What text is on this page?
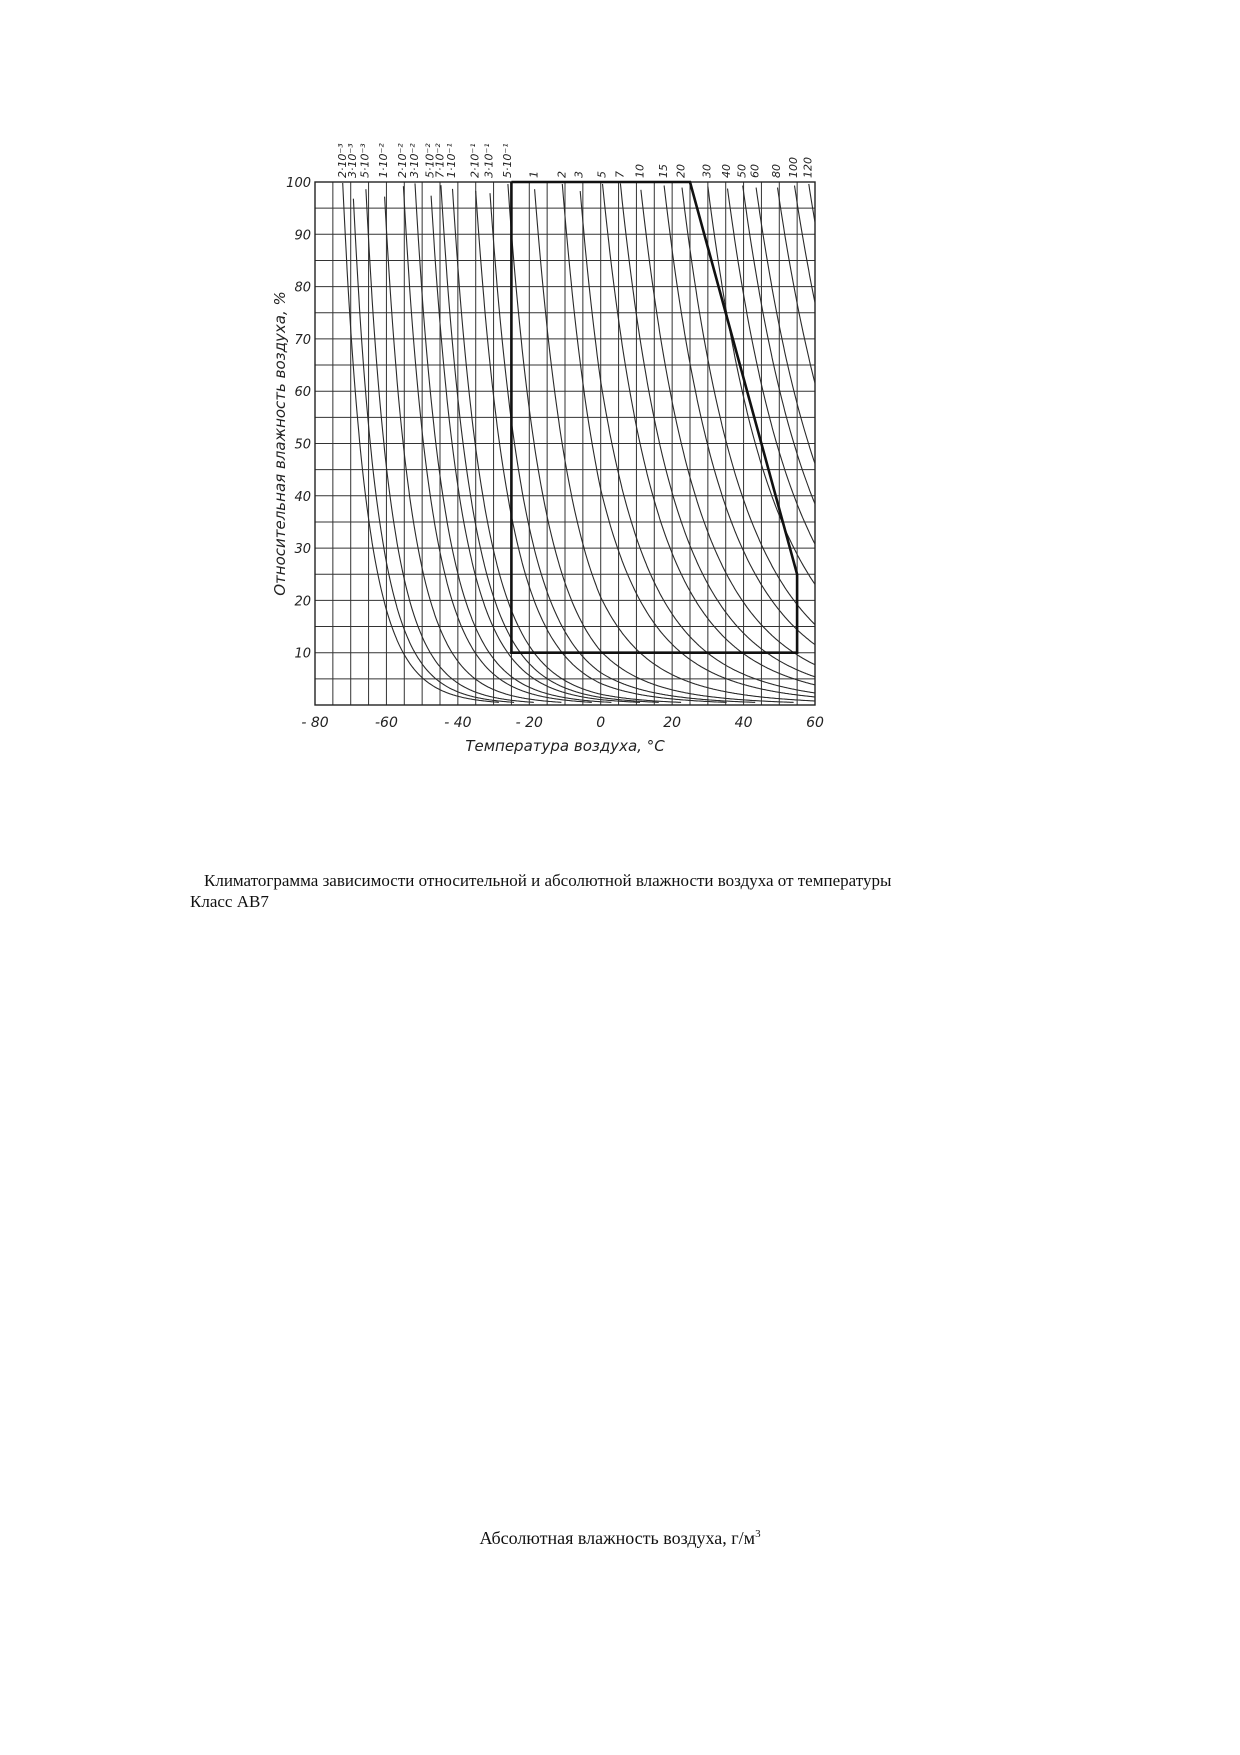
- 80	-60	- 40	- 20	0	20	40	60
10
20
30
40
50
60
70
80
90
100
2·10⁻³
3·10⁻³ 5·10⁻³ 1·10⁻² 2·10⁻²
3·10⁻² 5·10⁻²
7·10⁻²
1·10⁻¹ 2·10⁻¹ 3·10⁻¹ 5·10⁻¹ 1 2 3 5 7 10 15 20 30 40 50 60 80 100 120
Температура воздуха, °С
Относительная влажность воздуха, %
Климатограмма зависимости относительной и абсолютной влажности воздуха от температуры
Класс АВ7
Абсолютная влажность воздуха, $г/м^3$
